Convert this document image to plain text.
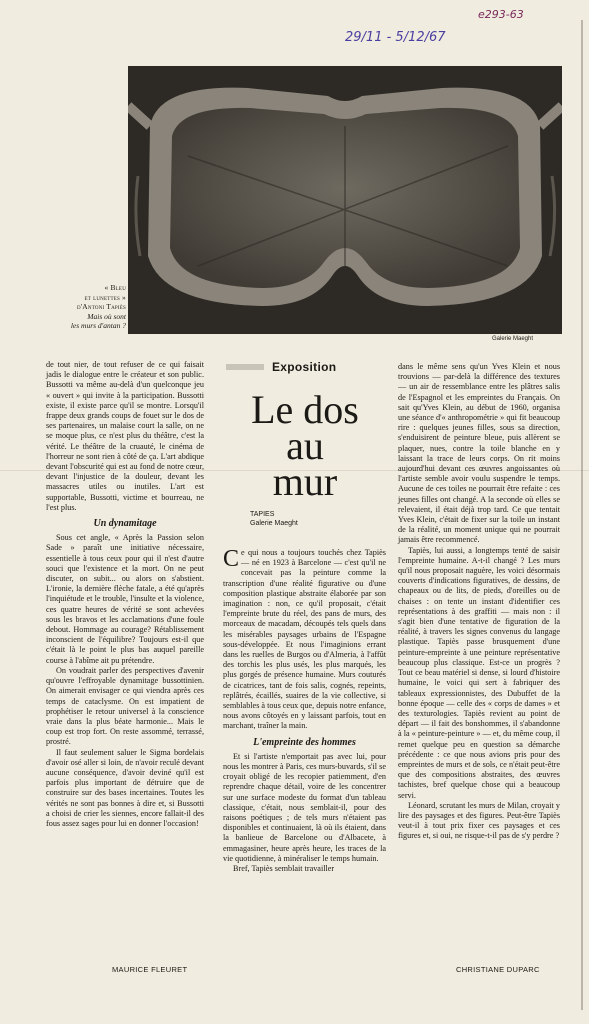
e293-63
29/11 - 5/12/67
« Bleu
et lunettes »
d'Antoni Tapiès
Mais où sont
les murs d'antan ?
Galerie Maeght

de tout nier, de tout refuser de ce qui faisait jadis le dialogue entre le créateur et son public. Bussotti va même au-delà d'un quelconque jeu « ouvert » qui invite à la participation. Bussotti existe, il existe parce qu'il se montre. Lorsqu'il frappe deux grands coups de fouet sur le dos de ses partenaires, un malaise court la salle, on ne se moque plus, ce n'est plus du théâtre, c'est la vérité. Le théâtre de la cruauté, le cinéma de l'horreur ne sont rien à côté de ça. L'art abdique devant l'obscurité qui est au fond de notre cœur, devant l'injustice de la douleur, devant les massacres utiles ou inutiles. L'art est supportable, Bussotti, victime et bourreau, ne l'est plus.

Un dynamitage

Sous cet angle, « Après la Passion selon Sade » paraît une initiative nécessaire, essentielle à tous ceux pour qui il n'est d'autre souci que l'existence et la mort. On ne peut discuter, on subit... ou alors on s'abstient. L'ironie, la dernière flèche fatale, a été qu'après l'inquiétude et le trouble, l'insulte et la violence, ces quatre heures de vérité se sont achevées sous les bravos et les acclamations d'une foule debout. Hommage au courage? Rétablissement inconscient de l'équilibre? Toujours est-il que c'était là le point le plus bas auquel pareille course à l'abîme ait pu prétendre.

On voudrait parler des perspectives d'avenir qu'ouvre l'effroyable dynamitage bussottinien. On aimerait envisager ce qui viendra après ces temps de cataclysme. On est impatient de prophétiser le retour universel à la conscience vraie dans la plus béate harmonie... Mais le coup est trop fort. On reste assommé, terrassé, prostré.

Il faut seulement saluer le Sigma bordelais d'avoir osé aller si loin, de n'avoir reculé devant aucune conséquence, d'avoir deviné qu'il est parfois plus important de détruire que de construire sur des bases incertaines. Toutes les vérités ne sont pas bonnes à dire et, si Bussotti a choisi de crier les siennes, encore fallait-il des fous assez sages pour lui en donner l'occasion!

MAURICE FLEURET
Exposition
Le dos
au
mur
TAPIES
Galerie Maeght

Ce qui nous a toujours touchés chez Tapiès — né en 1923 à Barcelone — c'est qu'il ne concevait pas la peinture comme la transcription d'une réalité figurative ou d'une composition plastique abstraite élaborée par son imagination : non, ce qu'il proposait, c'était l'empreinte brute du réel, des pans de murs, des morceaux de macadam, découpés tels quels dans les misérables paysages urbains de l'Espagne sous-développée. Et nous l'imaginions errant dans les ruelles de Burgos ou d'Almeria, à l'affût des torchis les plus usés, les plus marqués, les plus gorgés de présence humaine. Murs couturés de cicatrices, tant de fois salis, cognés, repeints, replâtrés, écaillés, suaires de la vie collective, si semblables à tous ceux que, depuis notre enfance, nous avons côtoyés en y laissant parfois, tout en marchant, traîner la main.

L'empreinte des hommes

Et si l'artiste n'emportait pas avec lui, pour nous les montrer à Paris, ces murs-buvards, s'il se croyait obligé de les recopier patiemment, d'en reprendre chaque détail, voire de les concentrer sur une surface modeste du format d'un tableau classique, c'était, nous semblait-il, pour des raisons poétiques ; de tels murs n'étaient pas disponibles et continuaient, là où ils étaient, dans la banlieue de Barcelone ou d'Albacete, à emmagasiner, heure après heure, les traces de la vie quotidienne, à minéraliser le temps humain.

Bref, Tapiès semblait travailler

dans le même sens qu'un Yves Klein et nous trouvions — par-delà la différence des textures — un air de ressemblance entre les plâtres salis de l'Espagnol et les empreintes du Français. On sait qu'Yves Klein, au début de 1960, organisa une séance d'« anthropométrie » qui fit beaucoup rire : quelques jeunes filles, sous sa direction, s'enduisirent de peinture bleue, puis allèrent se plaquer, nues, contre la toile blanche en y laissant la trace de leurs corps. On rit moins aujourd'hui devant ces œuvres angoissantes où l'artiste semble avoir voulu suspendre le temps. Aucune de ces toiles ne pourrait être refaite : ces jeunes filles ont changé. A la seconde où elles se relevaient, il était déjà trop tard. Ce que tentait Yves Klein, c'était de fixer sur la toile un instant de la réalité, un moment unique qui ne pourrait jamais être recommencé.

Tapiès, lui aussi, a longtemps tenté de saisir l'empreinte humaine. A-t-il changé ? Les murs qu'il nous proposait naguère, les voici désormais couverts d'indications figuratives, de dessins, de chapeaux ou de lits, de pieds, d'oreilles ou de chaises : on tente un instant d'identifier ces représentations à des graffiti — mais non : il s'agit bien d'une tentative de figuration de la réalité, à travers les signes convenus du langage plastique. Tapiès passe brusquement d'une peinture-empreinte à une peinture représentative beaucoup plus classique. Est-ce un progrès ? Tout ce beau matériel si dense, si lourd d'histoire humaine, le voici qui sert à fabriquer des tableaux expressionnistes, des Dubuffet de la bonne époque — celle des « corps de dames » et des texturologies. Tapiès revient au point de départ — il fait des bonshommes, il s'abandonne à la « peinture-peinture » — et, du même coup, il remet quelque peu en question sa démarche précédente : ce que nous avions pris pour des empreintes de murs et de sols, ce n'était peut-être que des compositions abstraites, des œuvres tachistes, bref quelque chose qui a beaucoup servi.

Léonard, scrutant les murs de Milan, croyait y lire des paysages et des figures. Peut-être Tapiès veut-il à tout prix fixer ces paysages et ces figures et, si oui, ne risque-t-il pas de s'y perdre ?

CHRISTIANE DUPARC
